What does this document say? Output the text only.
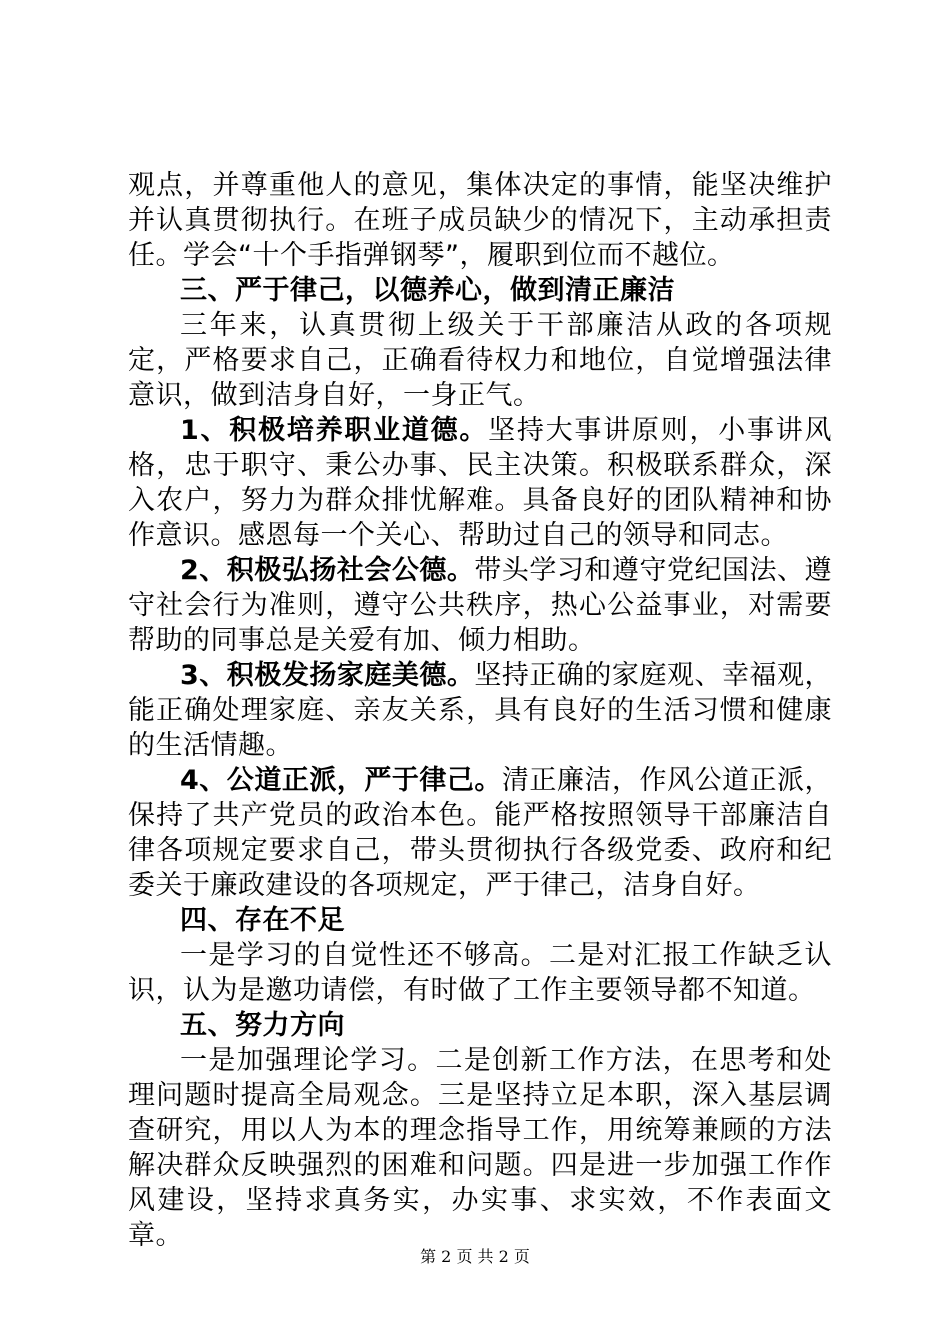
观点，并尊重他人的意见，集体决定的事情，能坚决维护并认真贯彻执行。在班子成员缺少的情况下，主动承担责任。学会“十个手指弹钢琴”，履职到位而不越位。

三、严于律己，以德养心，做到清正廉洁

三年来，认真贯彻上级关于干部廉洁从政的各项规定，严格要求自己，正确看待权力和地位，自觉增强法律意识，做到洁身自好，一身正气。

1、积极培养职业道德。坚持大事讲原则，小事讲风格，忠于职守、秉公办事、民主决策。积极联系群众，深入农户，努力为群众排忧解难。具备良好的团队精神和协作意识。感恩每一个关心、帮助过自己的领导和同志。

2、积极弘扬社会公德。带头学习和遵守党纪国法、遵守社会行为准则，遵守公共秩序，热心公益事业，对需要帮助的同事总是关爱有加、倾力相助。

3、积极发扬家庭美德。坚持正确的家庭观、幸福观，能正确处理家庭、亲友关系，具有良好的生活习惯和健康的生活情趣。

4、公道正派，严于律己。清正廉洁，作风公道正派，保持了共产党员的政治本色。能严格按照领导干部廉洁自律各项规定要求自己，带头贯彻执行各级党委、政府和纪委关于廉政建设的各项规定，严于律己，洁身自好。

四、存在不足

一是学习的自觉性还不够高。二是对汇报工作缺乏认识，认为是邀功请偿，有时做了工作主要领导都不知道。

五、努力方向

一是加强理论学习。二是创新工作方法，在思考和处理问题时提高全局观念。三是坚持立足本职，深入基层调查研究，用以人为本的理念指导工作，用统筹兼顾的方法解决群众反映强烈的困难和问题。四是进一步加强工作作风建设，坚持求真务实，办实事、求实效，不作表面文章。

第 2 页 共 2 页
